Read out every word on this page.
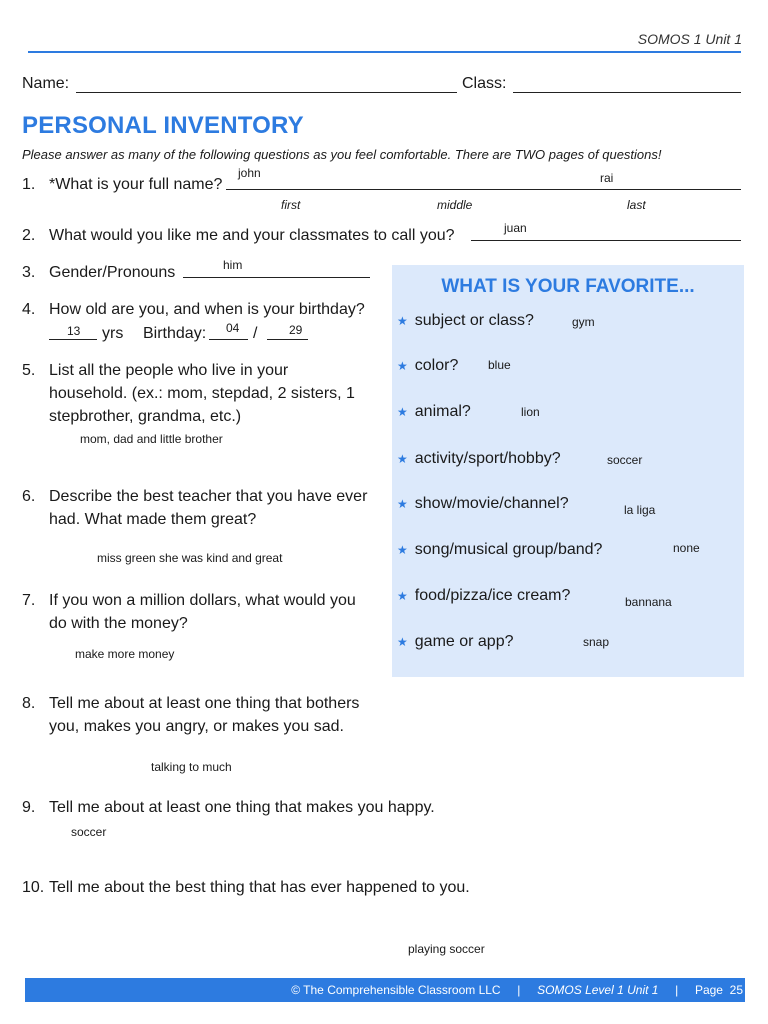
SOMOS 1 Unit 1
Name:	Class:
PERSONAL INVENTORY
Please answer as many of the following questions as you feel comfortable. There are TWO pages of questions!
1. *What is your full name?
john	rai
first	middle	last
2. What would you like me and your classmates to call you?	juan
3. Gender/Pronouns	him
4. How old are you, and when is your birthday?
13 yrs Birthday: 04 /	29
5. List all the people who live in your
household. (ex.: mom, stepdad, 2 sisters, 1
stepbrother, grandma, etc.)
mom, dad and little brother
6. Describe the best teacher that you have ever
had. What made them great?
miss green she was kind and great
7. If you won a million dollars, what would you
do with the money?
make more money
8. Tell me about at least one thing that bothers
you, makes you angry, or makes you sad.
talking to much
9. Tell me about at least one thing that makes you happy.
soccer
10. Tell me about the best thing that has ever happened to you.
playing soccer
WHAT IS YOUR FAVORITE...
★ subject or class?	gym
★ color? blue
★ animal?	lion
★ activity/sport/hobby?	soccer
★ show/movie/channel?	la liga
★ song/musical group/band?	none
★ food/pizza/ice cream?	bannana
★ game or app?	snap
© The Comprehensible Classroom LLC | SOMOS Level 1 Unit 1 | Page 25
